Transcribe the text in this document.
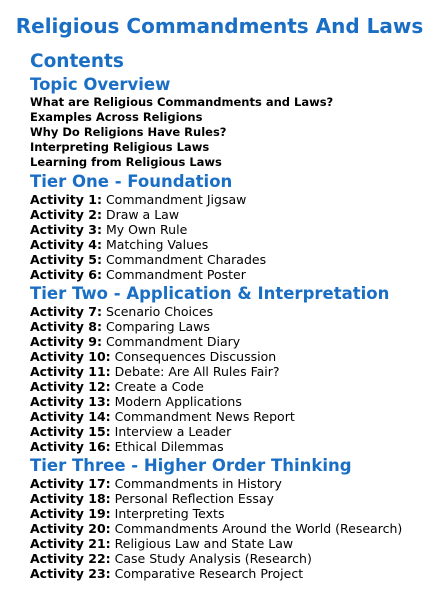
Religious Commandments And Laws
Contents
Topic Overview
What are Religious Commandments and Laws?
Examples Across Religions
Why Do Religions Have Rules?
Interpreting Religious Laws
Learning from Religious Laws
Tier One - Foundation
Activity 1: Commandment Jigsaw
Activity 2: Draw a Law
Activity 3: My Own Rule
Activity 4: Matching Values
Activity 5: Commandment Charades
Activity 6: Commandment Poster
Tier Two - Application & Interpretation
Activity 7: Scenario Choices
Activity 8: Comparing Laws
Activity 9: Commandment Diary
Activity 10: Consequences Discussion
Activity 11: Debate: Are All Rules Fair?
Activity 12: Create a Code
Activity 13: Modern Applications
Activity 14: Commandment News Report
Activity 15: Interview a Leader
Activity 16: Ethical Dilemmas
Tier Three - Higher Order Thinking
Activity 17: Commandments in History
Activity 18: Personal Reflection Essay
Activity 19: Interpreting Texts
Activity 20: Commandments Around the World (Research)
Activity 21: Religious Law and State Law
Activity 22: Case Study Analysis (Research)
Activity 23: Comparative Research Project
